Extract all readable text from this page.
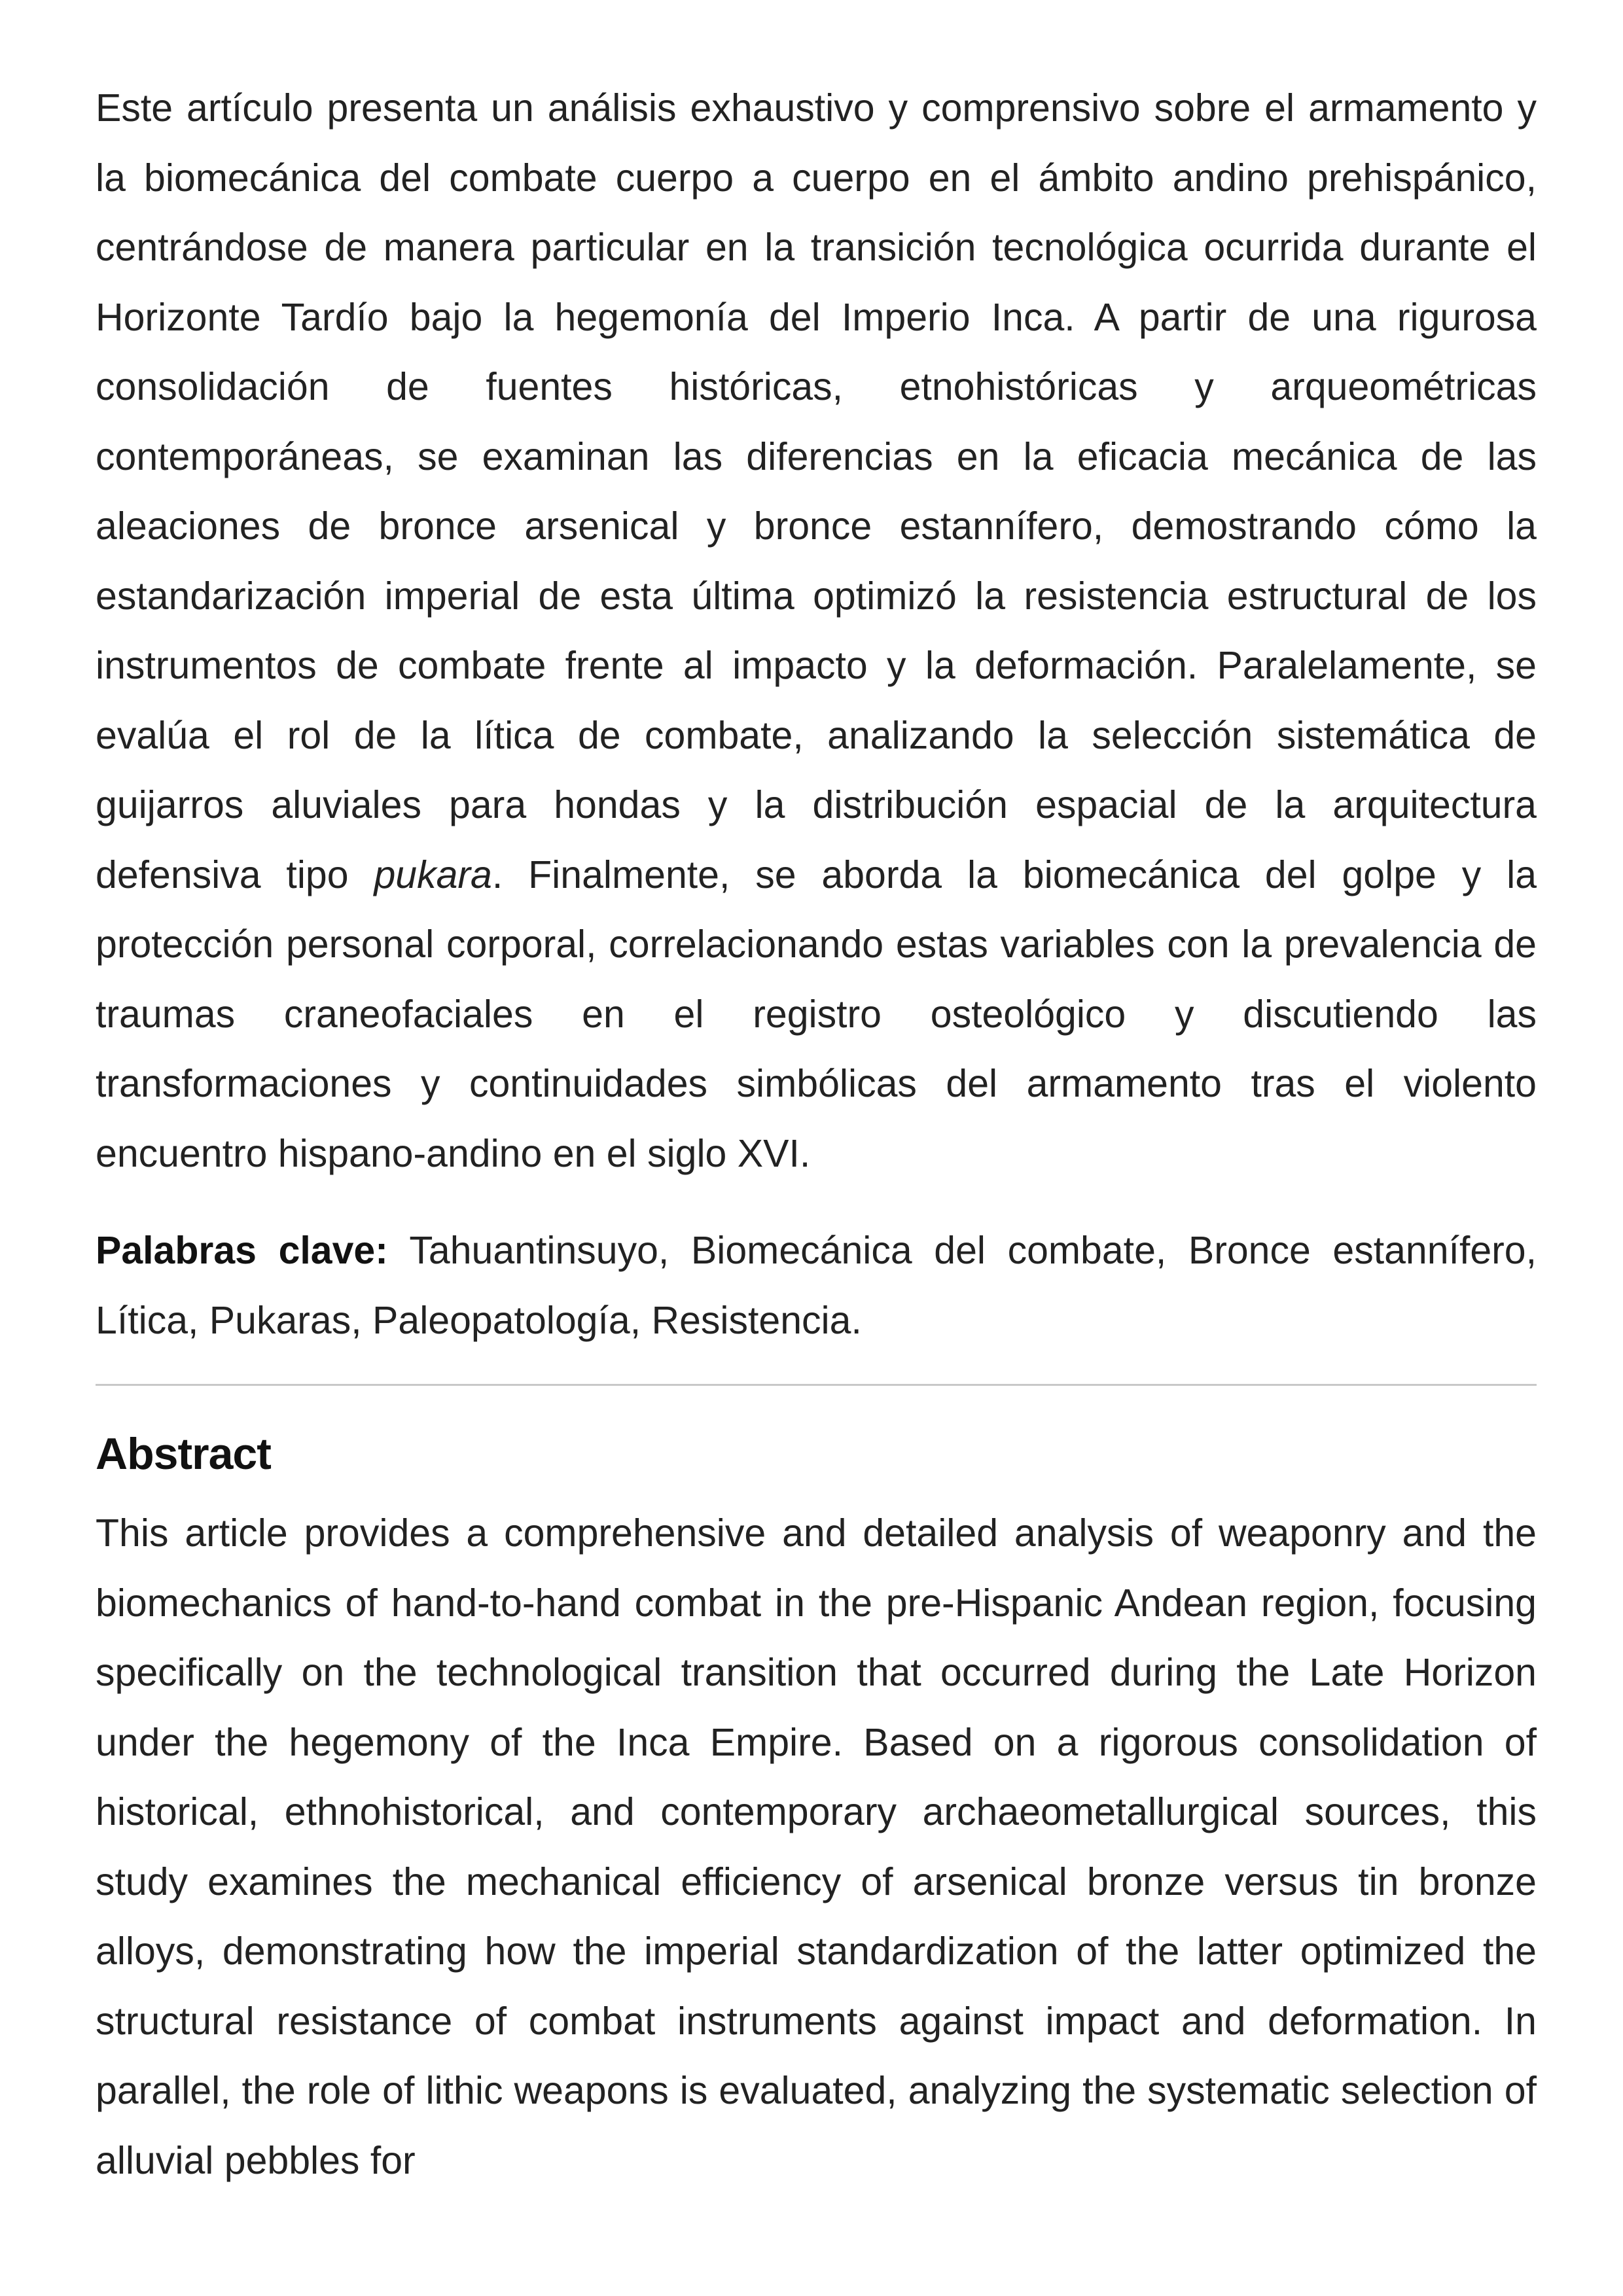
Este artículo presenta un análisis exhaustivo y comprensivo sobre el armamento y la biomecánica del combate cuerpo a cuerpo en el ámbito andino prehispánico, centrándose de manera particular en la transición tecnológica ocurrida durante el Horizonte Tardío bajo la hegemonía del Imperio Inca. A partir de una rigurosa consolidación de fuentes históricas, etnohistóricas y arqueométricas contemporáneas, se examinan las diferencias en la eficacia mecánica de las aleaciones de bronce arsenical y bronce estannífero, demostrando cómo la estandarización imperial de esta última optimizó la resistencia estructural de los instrumentos de combate frente al impacto y la deformación. Paralelamente, se evalúa el rol de la lítica de combate, analizando la selección sistemática de guijarros aluviales para hondas y la distribución espacial de la arquitectura defensiva tipo pukara. Finalmente, se aborda la biomecánica del golpe y la protección personal corporal, correlacionando estas variables con la prevalencia de traumas craneofaciales en el registro osteológico y discutiendo las transformaciones y continuidades simbólicas del armamento tras el violento encuentro hispano-andino en el siglo XVI.

Palabras clave: Tahuantinsuyo, Biomecánica del combate, Bronce estannífero, Lítica, Pukaras, Paleopatología, Resistencia.

Abstract

This article provides a comprehensive and detailed analysis of weaponry and the biomechanics of hand-to-hand combat in the pre-Hispanic Andean region, focusing specifically on the technological transition that occurred during the Late Horizon under the hegemony of the Inca Empire. Based on a rigorous consolidation of historical, ethnohistorical, and contemporary archaeometallurgical sources, this study examines the mechanical efficiency of arsenical bronze versus tin bronze alloys, demonstrating how the imperial standardization of the latter optimized the structural resistance of combat instruments against impact and deformation. In parallel, the role of lithic weapons is evaluated, analyzing the systematic selection of alluvial pebbles for
